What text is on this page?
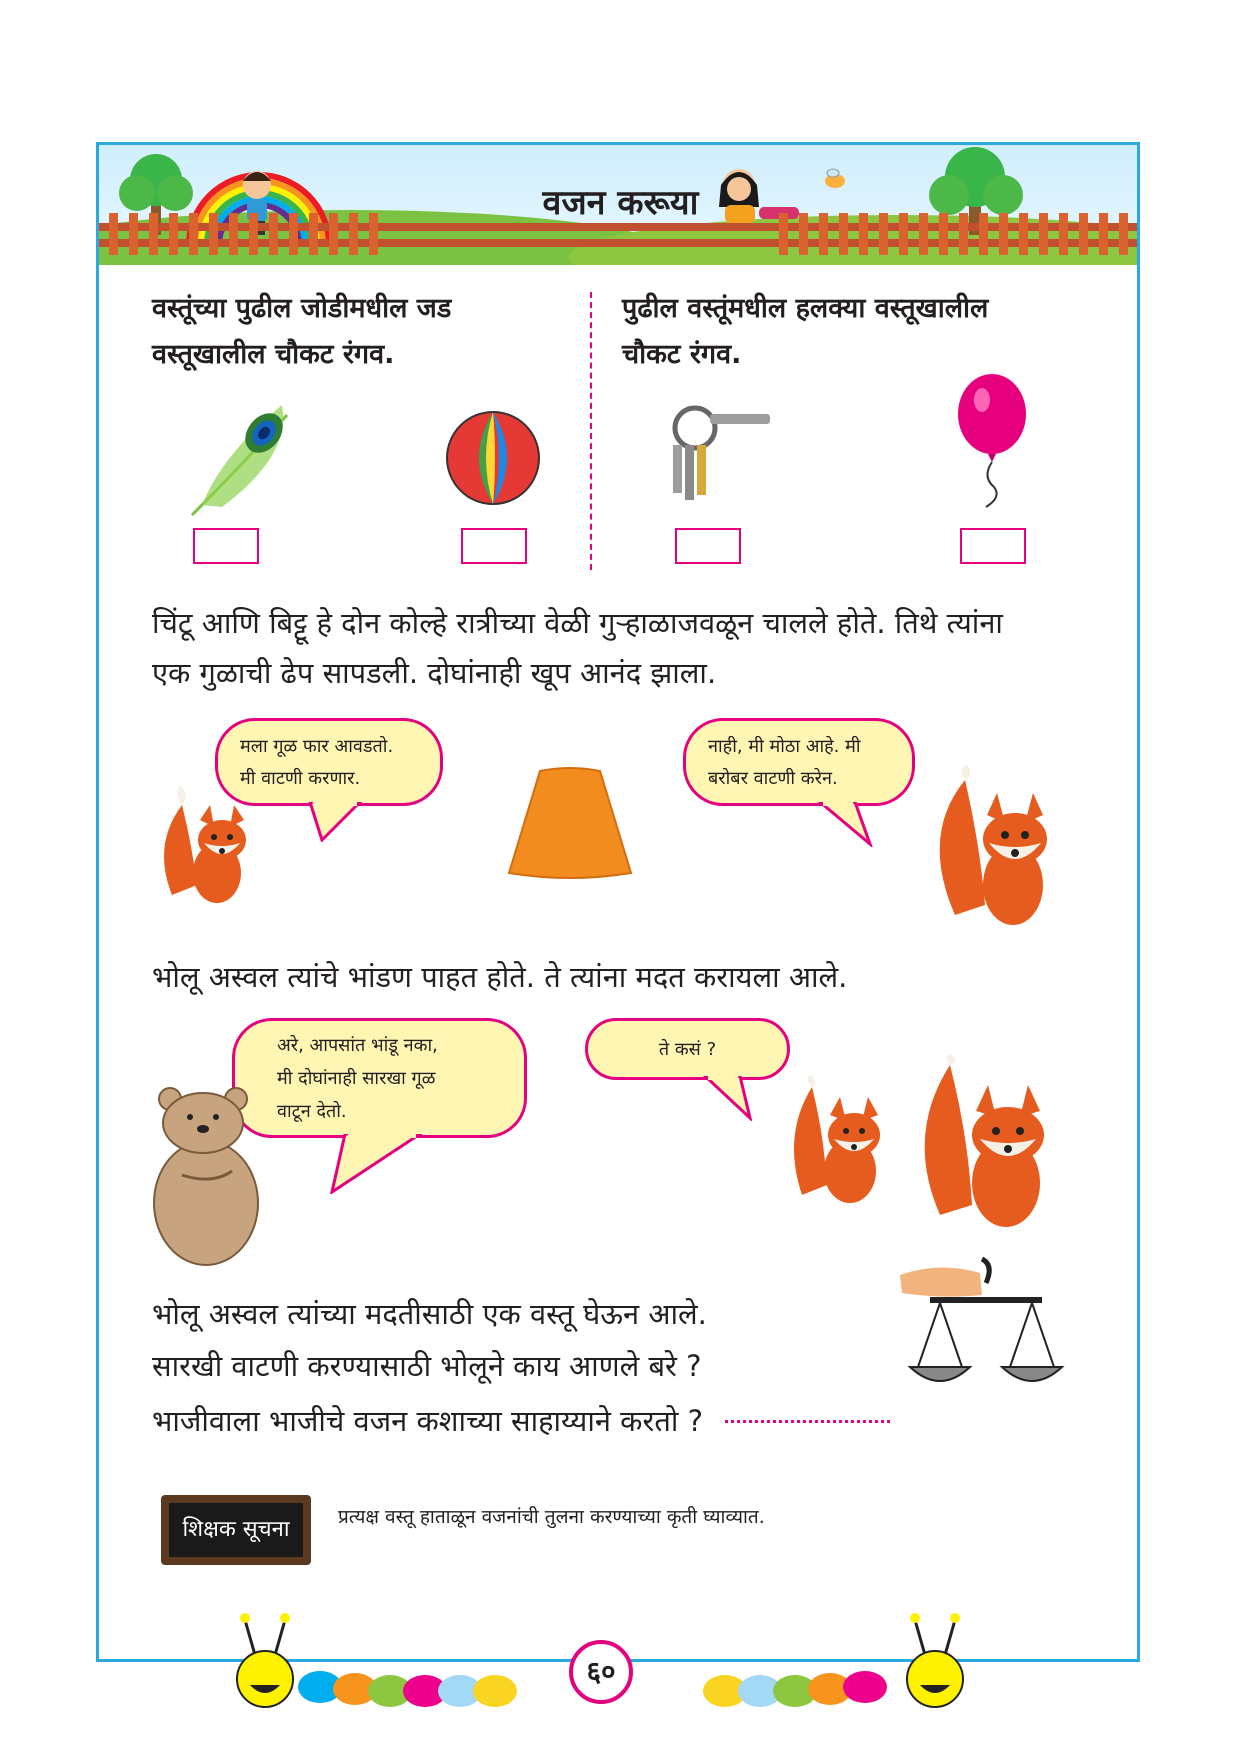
वजन करूया
वस्तूंच्या पुढील जोडीमधील जड
वस्तूखालील चौकट रंगव.
पुढील वस्तूंमधील हलक्या वस्तूखालील
चौकट रंगव.
चिंटू आणि बिट्टू हे दोन कोल्हे रात्रीच्या वेळी गुऱ्हाळाजवळून चालले होते. तिथे त्यांना
एक गुळाची ढेप सापडली. दोघांनाही खूप आनंद झाला.
मला गूळ फार आवडतो.
मी वाटणी करणार.
नाही, मी मोठा आहे. मी
बरोबर वाटणी करेन.
भोलू अस्वल त्यांचे भांडण पाहत होते. ते त्यांना मदत करायला आले.
अरे, आपसांत भांडू नका,
मी दोघांनाही सारखा गूळ
वाटून देतो.
ते कसं ?
भोलू अस्वल त्यांच्या मदतीसाठी एक वस्तू घेऊन आले.
सारखी वाटणी करण्यासाठी भोलूने काय आणले बरे ?
भाजीवाला भाजीचे वजन कशाच्या साहाय्याने करतो ?
शिक्षक सूचना	प्रत्यक्ष वस्तू हाताळून वजनांची तुलना करण्याच्या कृती घ्याव्यात.
६०
